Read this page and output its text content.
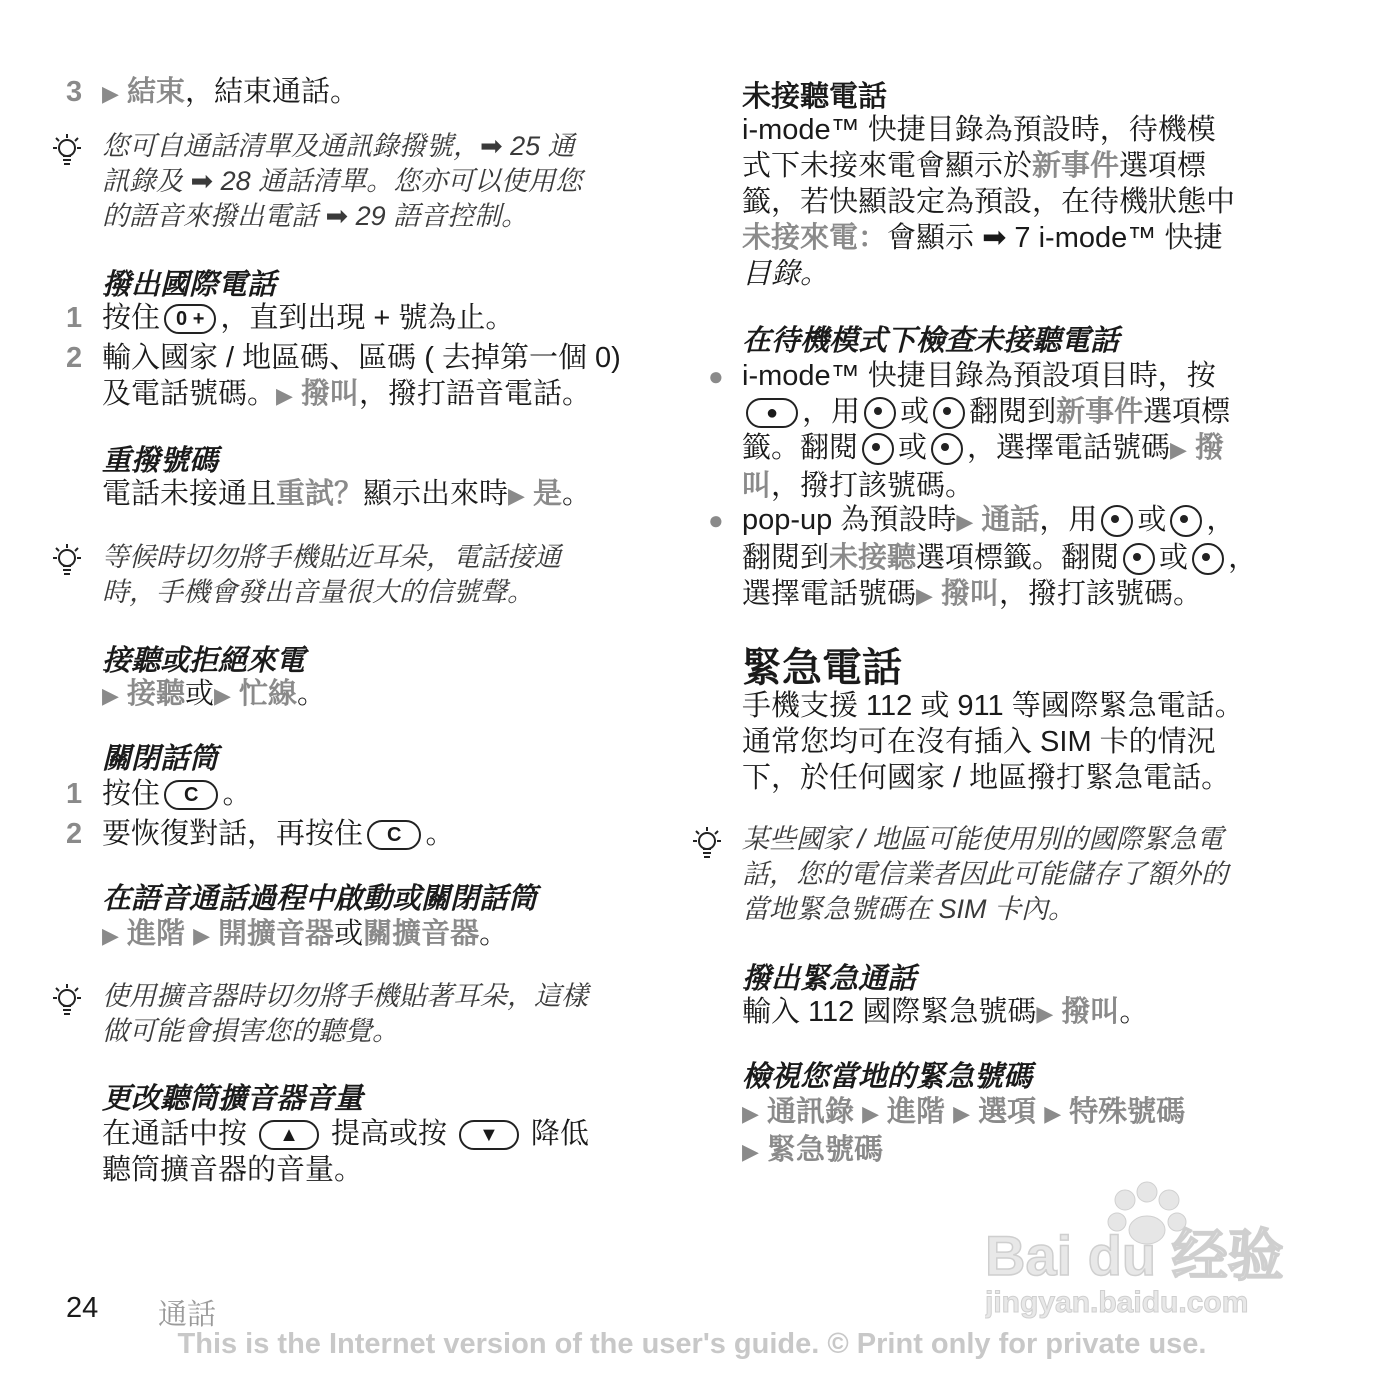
3 ▶ 結束，結束通話。
您可自通話清單及通訊錄撥號，➡ 25 通
訊錄及 ➡ 28 通話清單。您亦可以使用您
的語音來撥出電話 ➡ 29 語音控制。
撥出國際電話
1 按住 0 + ，直到出現 + 號為止。
2 輸入國家 / 地區碼、區碼 ( 去掉第一個 0)
及電話號碼。▶ 撥叫，撥打語音電話。
重撥號碼
電話未接通且重試？顯示出來時▶ 是。
等候時切勿將手機貼近耳朵，電話接通
時，手機會發出音量很大的信號聲。
接聽或拒絕來電
▶ 接聽或▶ 忙線。
關閉話筒
1 按住 C 。
2 要恢復對話，再按住 C 。
在語音通話過程中啟動或關閉話筒
▶ 進階 ▶ 開擴音器或關擴音器。
使用擴音器時切勿將手機貼著耳朵，這樣
做可能會損害您的聽覺。
更改聽筒擴音器音量
在通話中按 ▲ 提高或按 ▼ 降低
聽筒擴音器的音量。
未接聽電話
i-mode™ 快捷目錄為預設時，待機模
式下未接來電會顯示於新事件選項標
籤，若快顯設定為預設，在待機狀態中
未接來電：會顯示 ➡ 7 i-mode™ 快捷
目錄。
在待機模式下檢查未接聽電話
● i-mode™ 快捷目錄為預設項目時，按
● ，用 或 翻閱到新事件選項標
籤。翻閱 或 ，選擇電話號碼▶ 撥
叫，撥打該號碼。
● pop-up 為預設時▶ 通話，用 或 ，
翻閱到未接聽選項標籤。翻閱 或 ，
選擇電話號碼▶ 撥叫，撥打該號碼。
緊急電話
手機支援 112 或 911 等國際緊急電話。
通常您均可在沒有插入 SIM 卡的情況
下，於任何國家 / 地區撥打緊急電話。
某些國家 / 地區可能使用別的國際緊急電
話，您的電信業者因此可能儲存了額外的
當地緊急號碼在 SIM 卡內。
撥出緊急通話
輸入 112 國際緊急號碼▶ 撥叫。
檢視您當地的緊急號碼
▶ 通訊錄 ▶ 進階 ▶ 選項 ▶ 特殊號碼
▶ 緊急號碼
Bai du 经验
jingyan.baidu.com
24 通話
This is the Internet version of the user's guide. © Print only for private use.
